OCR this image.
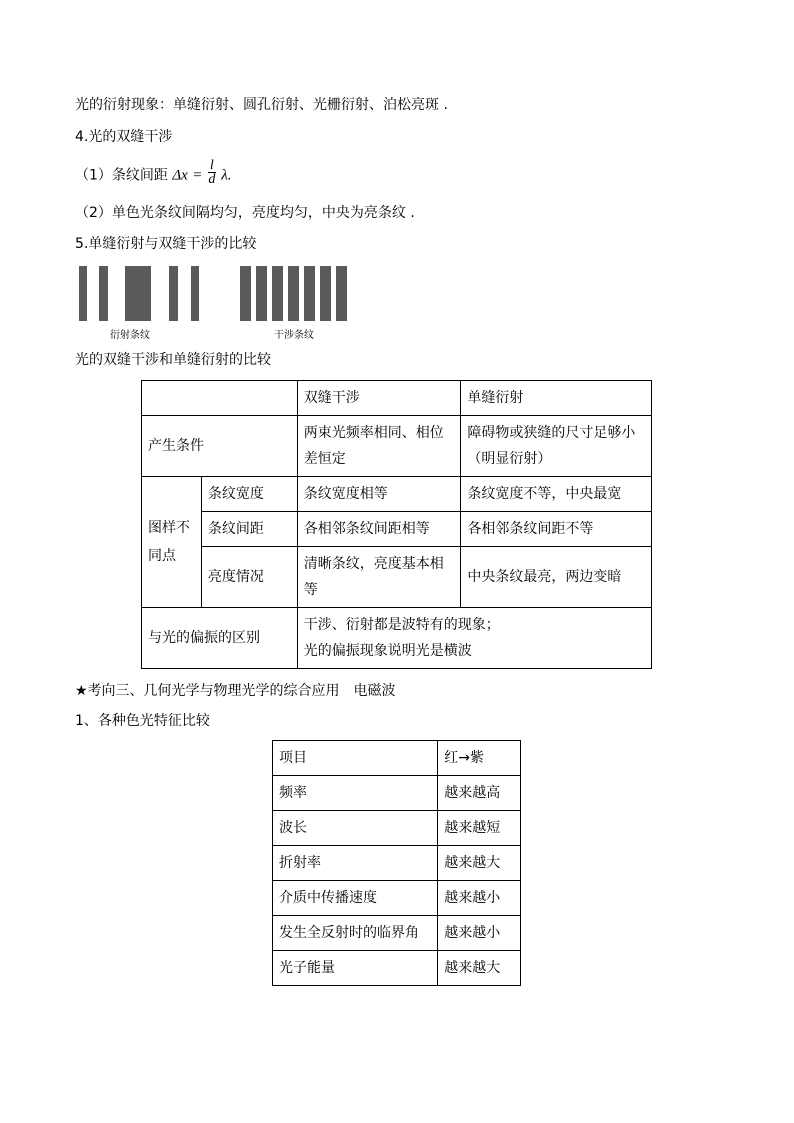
光的衍射现象：单缝衍射、圆孔衍射、光栅衍射、泊松亮斑 .
4.光的双缝干涉
（1）条纹间距 $\Delta x = \frac{l}{d} \lambda$.
（2）单色光条纹间隔均匀，亮度均匀，中央为亮条纹 .
5.单缝衍射与双缝干涉的比较
衍射条纹	干涉条纹
光的双缝干涉和单缝衍射的比较
		双缝干涉	单缝衍射
产生条件		两束光频率相同、相位差恒定	障碍物或狭缝的尺寸足够小（明显衍射）
图样不同点	条纹宽度	条纹宽度相等	条纹宽度不等，中央最宽
	条纹间距	各相邻条纹间距相等	各相邻条纹间距不等
	亮度情况	清晰条纹，亮度基本相等	中央条纹最亮，两边变暗
与光的偏振的区别		干涉、衍射都是波特有的现象；
光的偏振现象说明光是横波	
★考向三、几何光学与物理光学的综合应用　电磁波
1、各种色光特征比较
项目	红→紫
频率	越来越高
波长	越来越短
折射率	越来越大
介质中传播速度	越来越小
发生全反射时的临界角	越来越小
光子能量	越来越大
